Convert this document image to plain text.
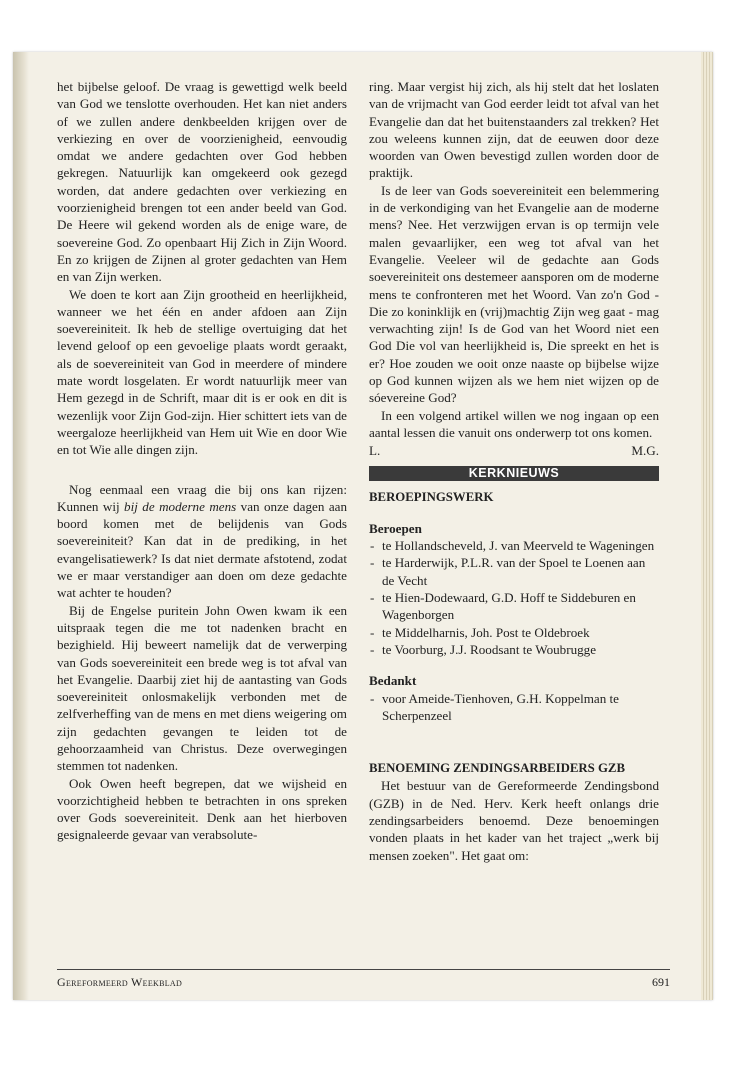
het bijbelse geloof. De vraag is gewettigd welk beeld van God we tenslotte overhouden. Het kan niet anders of we zullen andere denkbeelden krijgen over de verkiezing en over de voorzienigheid, eenvoudig omdat we andere gedachten over God hebben gekregen. Natuurlijk kan omgekeerd ook gezegd worden, dat andere gedachten over verkiezing en voorzienigheid brengen tot een ander beeld van God. De Heere wil gekend worden als de enige ware, de soevereine God. Zo openbaart Hij Zich in Zijn Woord. En zo krijgen de Zijnen al groter gedachten van Hem en van Zijn werken.

We doen te kort aan Zijn grootheid en heerlijkheid, wanneer we het één en ander afdoen aan Zijn soevereiniteit. Ik heb de stellige overtuiging dat het levend geloof op een gevoelige plaats wordt geraakt, als de soevereiniteit van God in meerdere of mindere mate wordt losgelaten. Er wordt natuurlijk meer van Hem gezegd in de Schrift, maar dit is er ook en dit is wezenlijk voor Zijn God-zijn. Hier schittert iets van de weergaloze heerlijkheid van Hem uit Wie en door Wie en tot Wie alle dingen zijn.

Nog eenmaal een vraag die bij ons kan rijzen: Kunnen wij bij de moderne mens van onze dagen aan boord komen met de belijdenis van Gods soevereiniteit? Kan dat in de prediking, in het evangelisatiewerk? Is dat niet dermate afstotend, zodat we er maar verstandiger aan doen om deze gedachte wat achter te houden?

Bij de Engelse puritein John Owen kwam ik een uitspraak tegen die me tot nadenken bracht en bezighield. Hij beweert namelijk dat de verwerping van Gods soevereiniteit een brede weg is tot afval van het Evangelie. Daarbij ziet hij de aantasting van Gods soevereiniteit onlosmakelijk verbonden met de zelfverheffing van de mens en met diens weigering om zijn gedachten gevangen te leiden tot de gehoorzaamheid van Christus. Deze overwegingen stemmen tot nadenken.

Ook Owen heeft begrepen, dat we wijsheid en voorzichtigheid hebben te betrachten in ons spreken over Gods soevereiniteit. Denk aan het hierboven gesignaleerde gevaar van verabsolute-

ring. Maar vergist hij zich, als hij stelt dat het loslaten van de vrijmacht van God eerder leidt tot afval van het Evangelie dan dat het buitenstaanders zal trekken? Het zou weleens kunnen zijn, dat de eeuwen door deze woorden van Owen bevestigd zullen worden door de praktijk.

Is de leer van Gods soevereiniteit een belemmering in de verkondiging van het Evangelie aan de moderne mens? Nee. Het verzwijgen ervan is op termijn vele malen gevaarlijker, een weg tot afval van het Evangelie. Veeleer wil de gedachte aan Gods soevereiniteit ons destemeer aansporen om de moderne mens te confronteren met het Woord. Van zo'n God - Die zo koninklijk en (vrij)machtig Zijn weg gaat - mag verwachting zijn! Is de God van het Woord niet een God Die vol van heerlijkheid is, Die spreekt en het is er? Hoe zouden we ooit onze naaste op bijbelse wijze op God kunnen wijzen als we hem niet wijzen op de sóevereine God?

In een volgend artikel willen we nog ingaan op een aantal lessen die vanuit ons onderwerp tot ons komen.

L.	M.G.
KERKNIEUWS
BEROEPINGSWERK
Beroepen
- te Hollandscheveld, J. van Meerveld te Wageningen
- te Harderwijk, P.L.R. van der Spoel te Loenen aan de Vecht
- te Hien-Dodewaard, G.D. Hoff te Siddeburen en Wagenborgen
- te Middelharnis, Joh. Post te Oldebroek
- te Voorburg, J.J. Roodsant te Woubrugge
Bedankt
- voor Ameide-Tienhoven, G.H. Koppelman te Scherpenzeel
BENOEMING ZENDINGSARBEIDERS GZB

Het bestuur van de Gereformeerde Zendingsbond (GZB) in de Ned. Herv. Kerk heeft onlangs drie zendingsarbeiders benoemd. Deze benoemingen vonden plaats in het kader van het traject „werk bij mensen zoeken". Het gaat om:

Gereformeerd Weekblad	691
